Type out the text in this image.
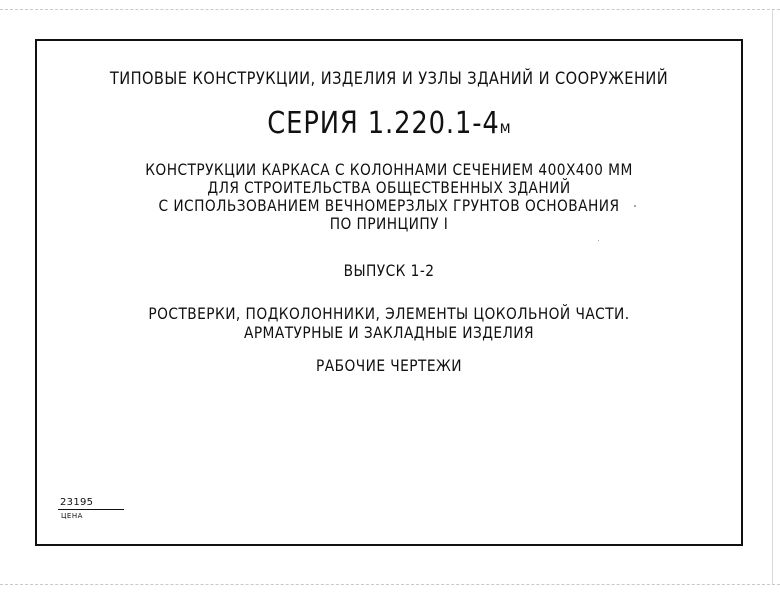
ТИПОВЫЕ КОНСТРУКЦИИ, ИЗДЕЛИЯ И УЗЛЫ ЗДАНИЙ И СООРУЖЕНИЙ
СЕРИЯ 1.220.1-4м
КОНСТРУКЦИИ КАРКАСА С КОЛОННАМИ СЕЧЕНИЕМ 400Х400 ММ
ДЛЯ СТРОИТЕЛЬСТВА ОБЩЕСТВЕННЫХ ЗДАНИЙ
С ИСПОЛЬЗОВАНИЕМ ВЕЧНОМЕРЗЛЫХ ГРУНТОВ ОСНОВАНИЯ
ПО ПРИНЦИПУ I
ВЫПУСК 1-2
РОСТВЕРКИ, ПОДКОЛОННИКИ, ЭЛЕМЕНТЫ ЦОКОЛЬНОЙ ЧАСТИ.
АРМАТУРНЫЕ И ЗАКЛАДНЫЕ ИЗДЕЛИЯ
РАБОЧИЕ ЧЕРТЕЖИ
23195
ЦЕНА
